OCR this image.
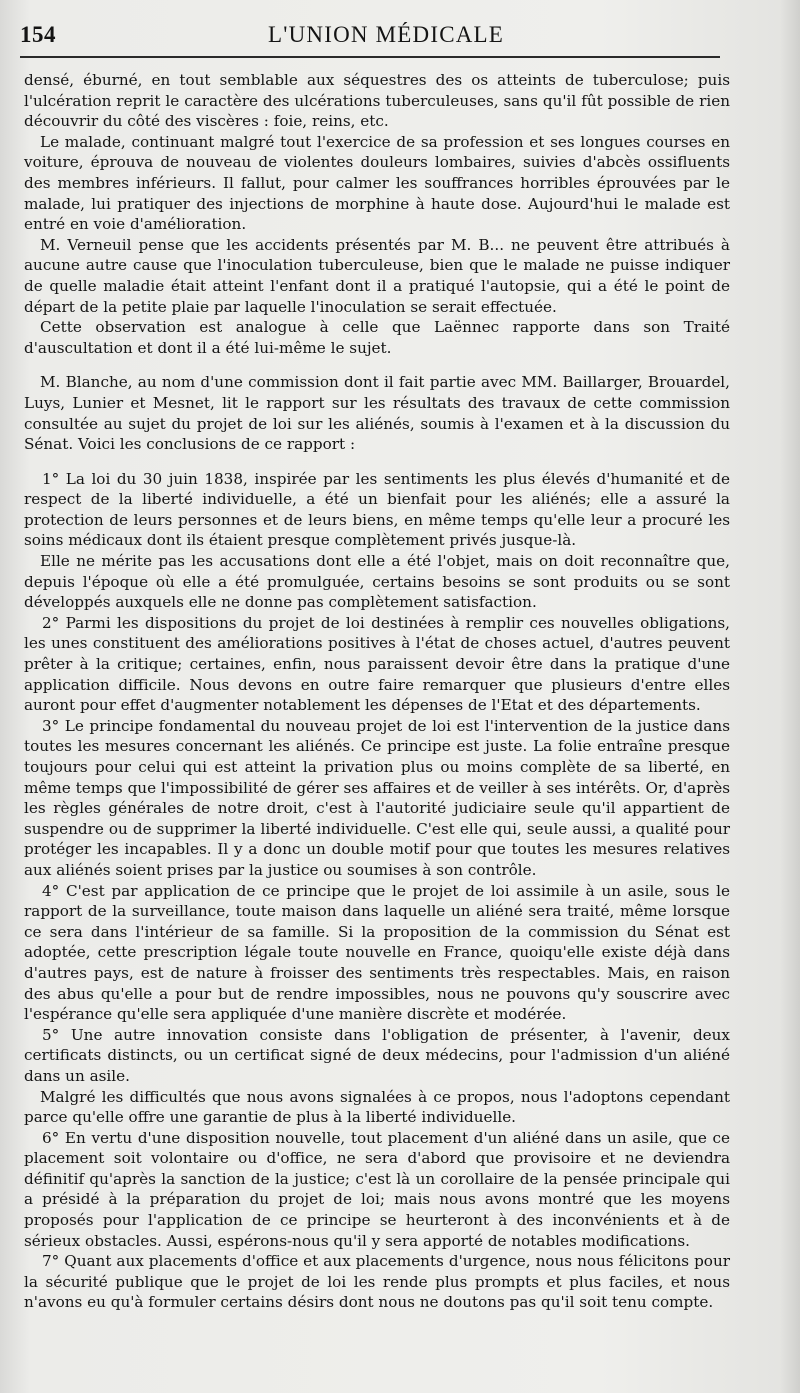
154	L'UNION MÉDICALE

densé, éburné, en tout semblable aux séquestres des os atteints de tuberculose; puis l'ulcération reprit le caractère des ulcérations tuberculeuses, sans qu'il fût possible de rien découvrir du côté des viscères : foie, reins, etc.

Le malade, continuant malgré tout l'exercice de sa profession et ses longues courses en voiture, éprouva de nouveau de violentes douleurs lombaires, suivies d'abcès ossifluents des membres inférieurs. Il fallut, pour calmer les souffrances horribles éprouvées par le malade, lui pratiquer des injections de morphine à haute dose. Aujourd'hui le malade est entré en voie d'amélioration.

M. Verneuil pense que les accidents présentés par M. B... ne peuvent être attribués à aucune autre cause que l'inoculation tuberculeuse, bien que le malade ne puisse indiquer de quelle maladie était atteint l'enfant dont il a pratiqué l'autopsie, qui a été le point de départ de la petite plaie par laquelle l'inoculation se serait effectuée.

Cette observation est analogue à celle que Laënnec rapporte dans son Traité d'auscultation et dont il a été lui-même le sujet.

M. Blanche, au nom d'une commission dont il fait partie avec MM. Baillarger, Brouardel, Luys, Lunier et Mesnet, lit le rapport sur les résultats des travaux de cette commission consultée au sujet du projet de loi sur les aliénés, soumis à l'examen et à la discussion du Sénat. Voici les conclusions de ce rapport :

1° La loi du 30 juin 1838, inspirée par les sentiments les plus élevés d'humanité et de respect de la liberté individuelle, a été un bienfait pour les aliénés; elle a assuré la protection de leurs personnes et de leurs biens, en même temps qu'elle leur a procuré les soins médicaux dont ils étaient presque complètement privés jusque-là.

Elle ne mérite pas les accusations dont elle a été l'objet, mais on doit reconnaître que, depuis l'époque où elle a été promulguée, certains besoins se sont produits ou se sont développés auxquels elle ne donne pas complètement satisfaction.

2° Parmi les dispositions du projet de loi destinées à remplir ces nouvelles obligations, les unes constituent des améliorations positives à l'état de choses actuel, d'autres peuvent prêter à la critique; certaines, enfin, nous paraissent devoir être dans la pratique d'une application difficile. Nous devons en outre faire remarquer que plusieurs d'entre elles auront pour effet d'augmenter notablement les dépenses de l'Etat et des départements.

3° Le principe fondamental du nouveau projet de loi est l'intervention de la justice dans toutes les mesures concernant les aliénés. Ce principe est juste. La folie entraîne presque toujours pour celui qui est atteint la privation plus ou moins complète de sa liberté, en même temps que l'impossibilité de gérer ses affaires et de veiller à ses intérêts. Or, d'après les règles générales de notre droit, c'est à l'autorité judiciaire seule qu'il appartient de suspendre ou de supprimer la liberté individuelle. C'est elle qui, seule aussi, a qualité pour protéger les incapables. Il y a donc un double motif pour que toutes les mesures relatives aux aliénés soient prises par la justice ou soumises à son contrôle.

4° C'est par application de ce principe que le projet de loi assimile à un asile, sous le rapport de la surveillance, toute maison dans laquelle un aliéné sera traité, même lorsque ce sera dans l'intérieur de sa famille. Si la proposition de la commission du Sénat est adoptée, cette prescription légale toute nouvelle en France, quoiqu'elle existe déjà dans d'autres pays, est de nature à froisser des sentiments très respectables. Mais, en raison des abus qu'elle a pour but de rendre impossibles, nous ne pouvons qu'y souscrire avec l'espérance qu'elle sera appliquée d'une manière discrète et modérée.

5° Une autre innovation consiste dans l'obligation de présenter, à l'avenir, deux certificats distincts, ou un certificat signé de deux médecins, pour l'admission d'un aliéné dans un asile.

Malgré les difficultés que nous avons signalées à ce propos, nous l'adoptons cependant parce qu'elle offre une garantie de plus à la liberté individuelle.

6° En vertu d'une disposition nouvelle, tout placement d'un aliéné dans un asile, que ce placement soit volontaire ou d'office, ne sera d'abord que provisoire et ne deviendra définitif qu'après la sanction de la justice; c'est là un corollaire de la pensée principale qui a présidé à la préparation du projet de loi; mais nous avons montré que les moyens proposés pour l'application de ce principe se heurteront à des inconvénients et à de sérieux obstacles. Aussi, espérons-nous qu'il y sera apporté de notables modifications.

7° Quant aux placements d'office et aux placements d'urgence, nous nous félicitons pour la sécurité publique que le projet de loi les rende plus prompts et plus faciles, et nous n'avons eu qu'à formuler certains désirs dont nous ne doutons pas qu'il soit tenu compte.
